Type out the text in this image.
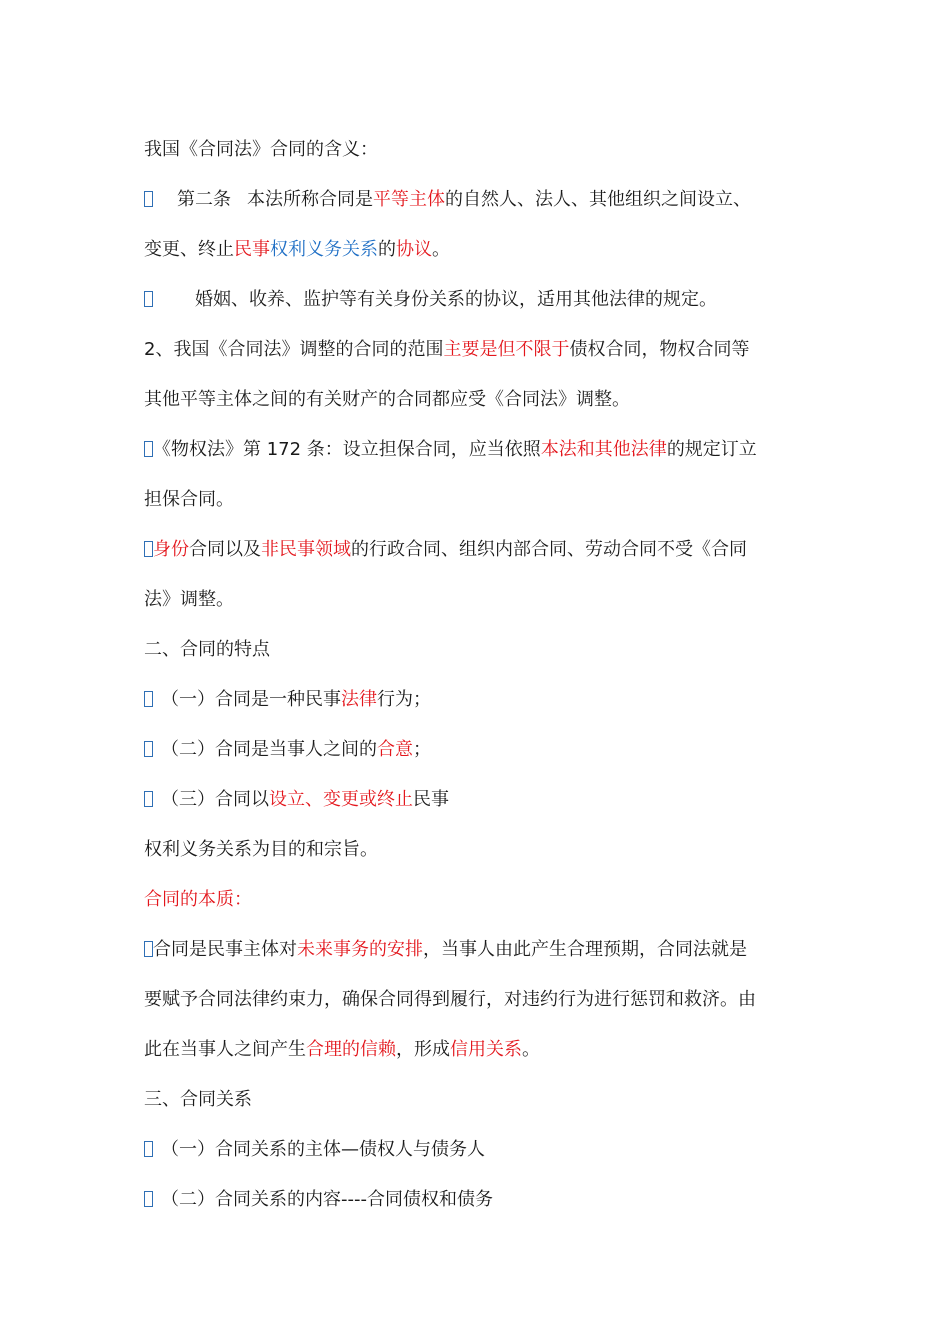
我国《合同法》合同的含义：
第二条 本法所称合同是平等主体的自然人、法人、其他组织之间设立、
变更、终止民事权利义务关系的协议。
婚姻、收养、监护等有关身份关系的协议，适用其他法律的规定。
2、我国《合同法》调整的合同的范围主要是但不限于债权合同，物权合同等
其他平等主体之间的有关财产的合同都应受《合同法》调整。
《物权法》第 172 条：设立担保合同，应当依照本法和其他法律的规定订立
担保合同。
身份合同以及非民事领域的行政合同、组织内部合同、劳动合同不受《合同
法》调整。
二、合同的特点
（一）合同是一种民事法律行为；
（二）合同是当事人之间的合意；
（三）合同以设立、变更或终止民事
权利义务关系为目的和宗旨。
合同的本质：
合同是民事主体对未来事务的安排，当事人由此产生合理预期，合同法就是
要赋予合同法律约束力，确保合同得到履行，对违约行为进行惩罚和救济。由
此在当事人之间产生合理的信赖，形成信用关系。
三、合同关系
（一）合同关系的主体—债权人与债务人
（二）合同关系的内容----合同债权和债务
